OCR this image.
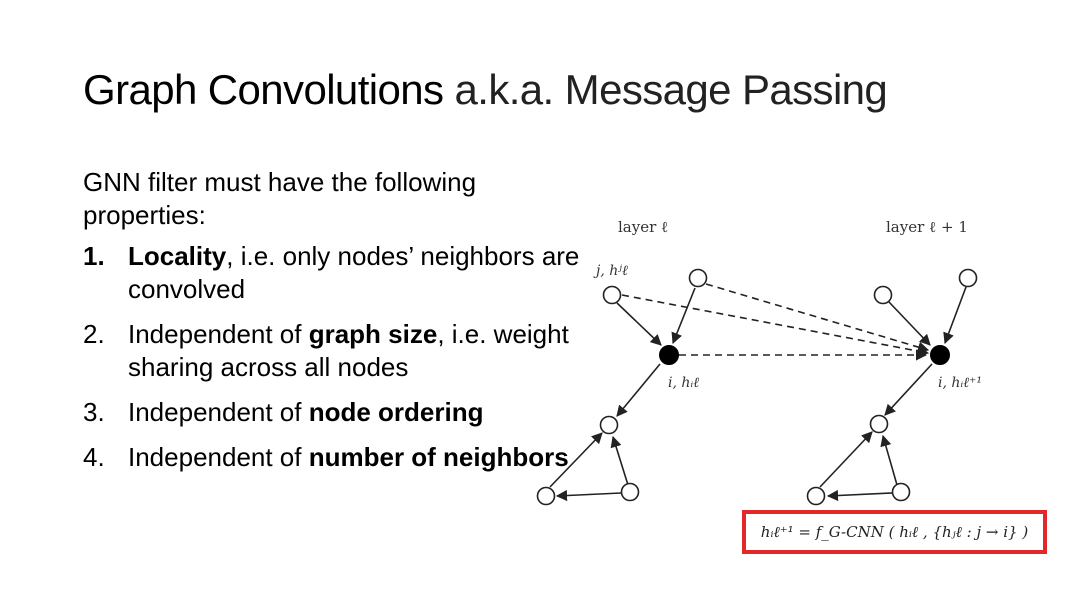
Graph Convolutions a.k.a. Message Passing

GNN filter must have the following properties:

1. Locality, i.e. only nodes’ neighbors are convolved
2. Independent of graph size, i.e. weight sharing across all nodes
3. Independent of node ordering
4. Independent of number of neighbors
layer ℓ	layer ℓ + 1
j, hʲℓ
i, hᵢℓ	i, hᵢℓ⁺¹
hᵢℓ⁺¹ = f_G-CNN ( hᵢℓ , {hⱼℓ : j → i} )
